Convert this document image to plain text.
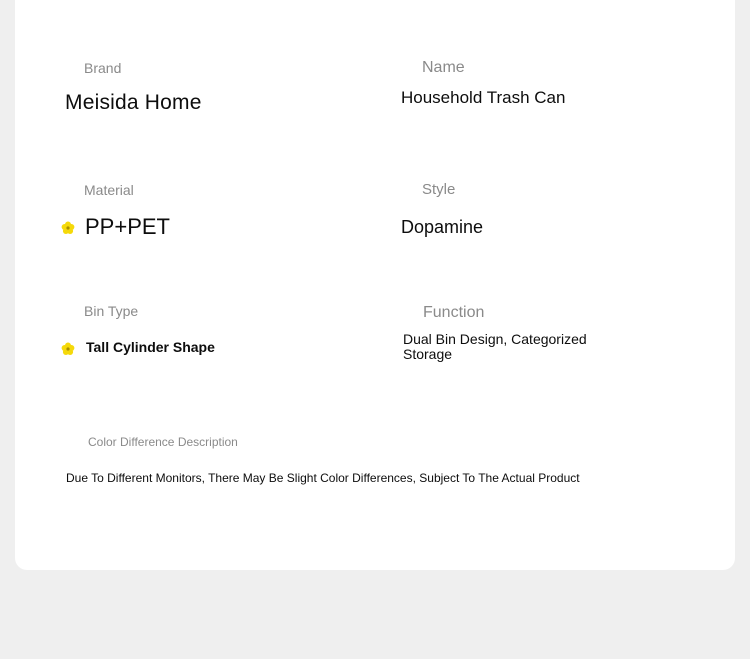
Brand
Meisida Home
Name
Household Trash Can
Material
PP+PET
Style
Dopamine
Bin Type
Tall Cylinder Shape
Function
Dual Bin Design, Categorized Storage
Color Difference Description
Due To Different Monitors, There May Be Slight Color Differences, Subject To The Actual Product
